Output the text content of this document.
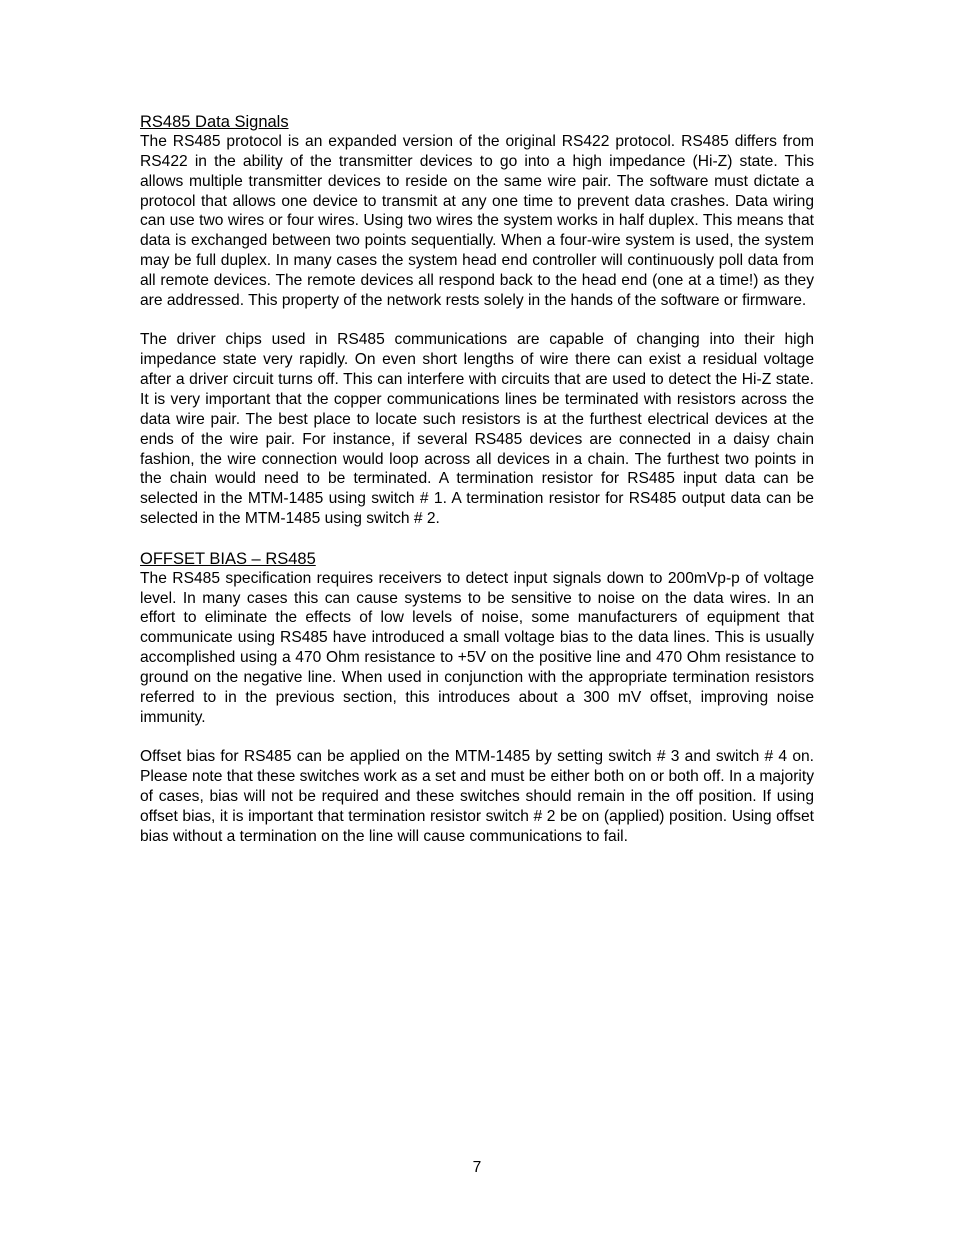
RS485 Data Signals

The RS485 protocol is an expanded version of the original RS422 protocol. RS485 differs from RS422 in the ability of the transmitter devices to go into a high impedance (Hi-Z) state. This allows multiple transmitter devices to reside on the same wire pair. The software must dictate a protocol that allows one device to transmit at any one time to prevent data crashes. Data wiring can use two wires or four wires. Using two wires the system works in half duplex. This means that data is exchanged between two points sequentially. When a four-wire system is used, the system may be full duplex. In many cases the system head end controller will continuously poll data from all remote devices. The remote devices all respond back to the head end (one at a time!) as they are addressed. This property of the network rests solely in the hands of the software or firmware.

The driver chips used in RS485 communications are capable of changing into their high impedance state very rapidly. On even short lengths of wire there can exist a residual voltage after a driver circuit turns off. This can interfere with circuits that are used to detect the Hi-Z state. It is very important that the copper communications lines be terminated with resistors across the data wire pair. The best place to locate such resistors is at the furthest electrical devices at the ends of the wire pair. For instance, if several RS485 devices are connected in a daisy chain fashion, the wire connection would loop across all devices in a chain. The furthest two points in the chain would need to be terminated. A termination resistor for RS485 input data can be selected in the MTM-1485 using switch # 1. A termination resistor for RS485 output data can be selected in the MTM-1485 using switch # 2.

OFFSET BIAS – RS485

The RS485 specification requires receivers to detect input signals down to 200mVp-p of voltage level. In many cases this can cause systems to be sensitive to noise on the data wires. In an effort to eliminate the effects of low levels of noise, some manufacturers of equipment that communicate using RS485 have introduced a small voltage bias to the data lines. This is usually accomplished using a 470 Ohm resistance to +5V on the positive line and 470 Ohm resistance to ground on the negative line. When used in conjunction with the appropriate termination resistors referred to in the previous section, this introduces about a 300 mV offset, improving noise immunity.

Offset bias for RS485 can be applied on the MTM-1485 by setting switch # 3 and switch # 4 on. Please note that these switches work as a set and must be either both on or both off. In a majority of cases, bias will not be required and these switches should remain in the off position. If using offset bias, it is important that termination resistor switch # 2 be on (applied) position. Using offset bias without a termination on the line will cause communications to fail.

7
